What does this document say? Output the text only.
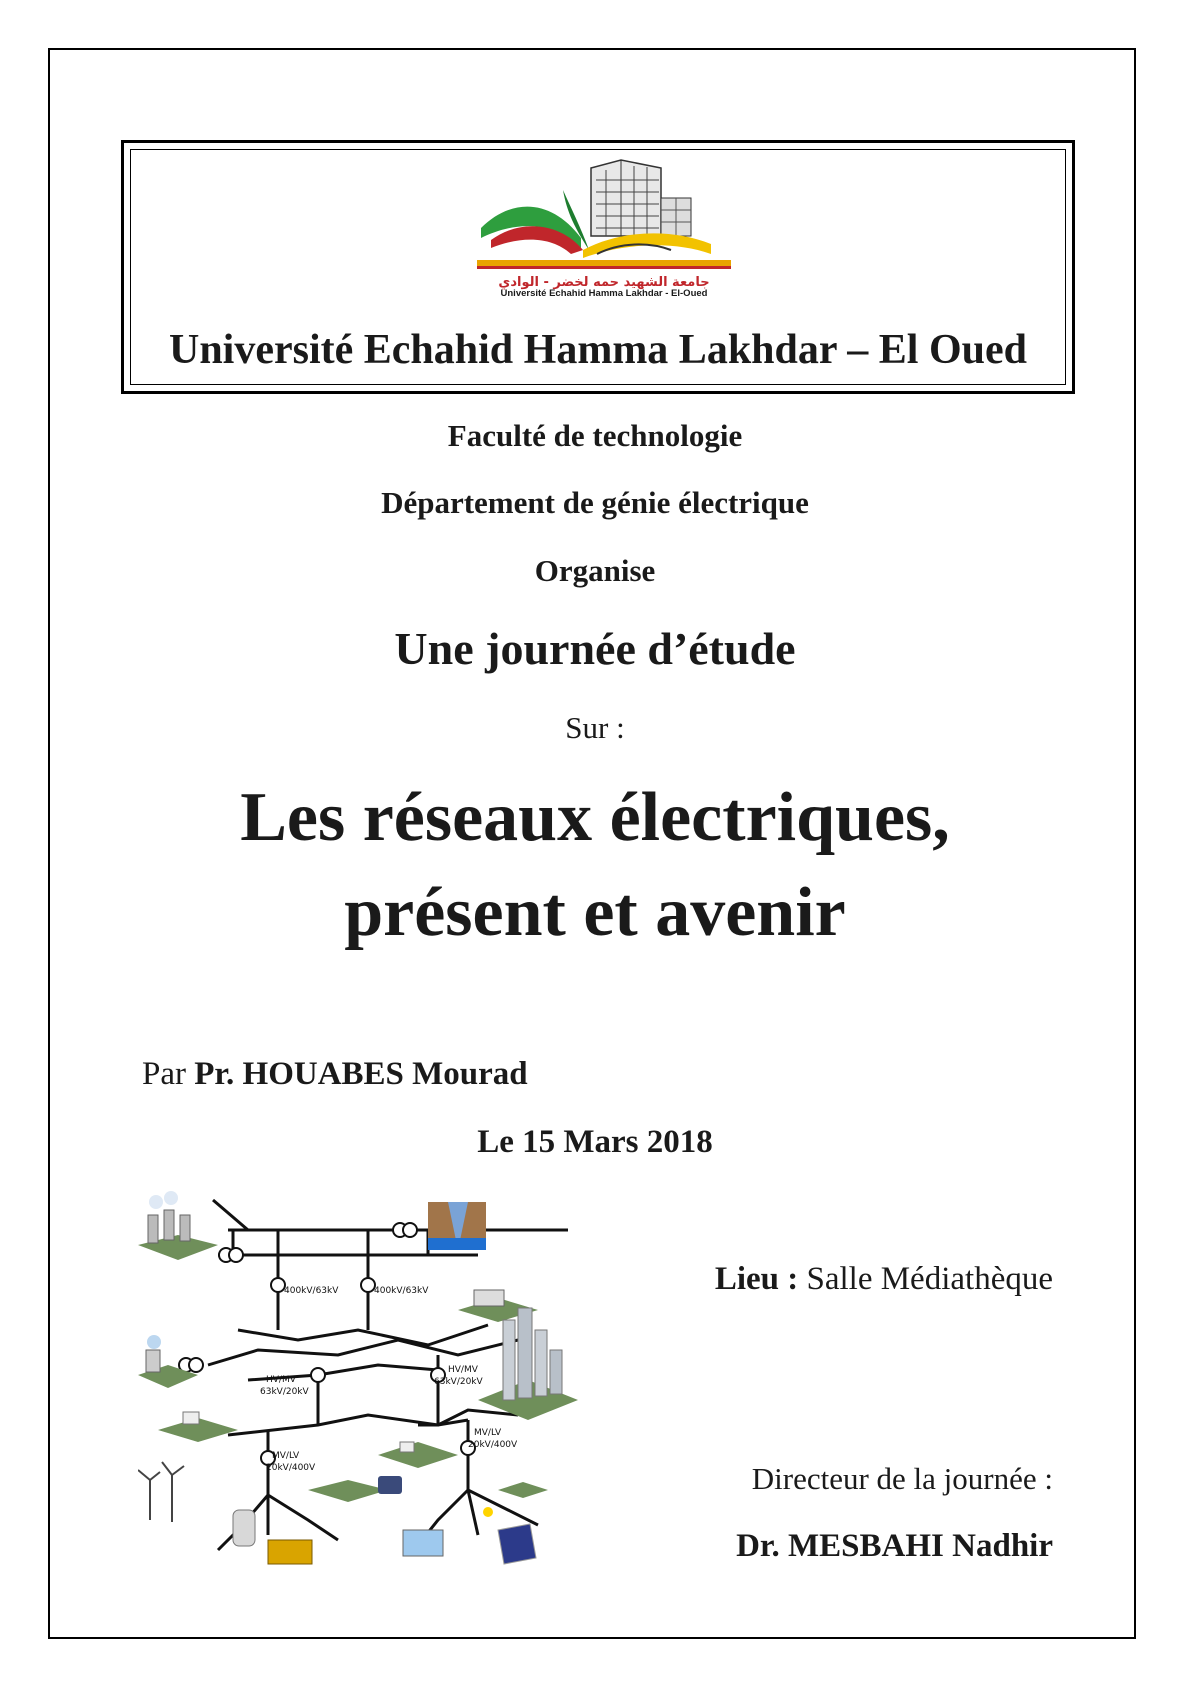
جامعة الشهيد حمه لخضر - الوادي
Université Echahid Hamma Lakhdar - El-Oued
Université Echahid Hamma Lakhdar – El Oued
Faculté de technologie
Département de génie électrique
Organise
Une journée d’étude
Sur :
Les réseaux électriques,
présent et avenir
Par Pr. HOUABES Mourad
Le 15 Mars 2018
Lieu : Salle Médiathèque
Directeur de la journée :
Dr. MESBAHI Nadhir
400kV/63kV	400kV/63kV
HV/MV
63kV/20kV
HV/MV
63kV/20kV
MV/LV
20kV/400V
MV/LV
20kV/400V
